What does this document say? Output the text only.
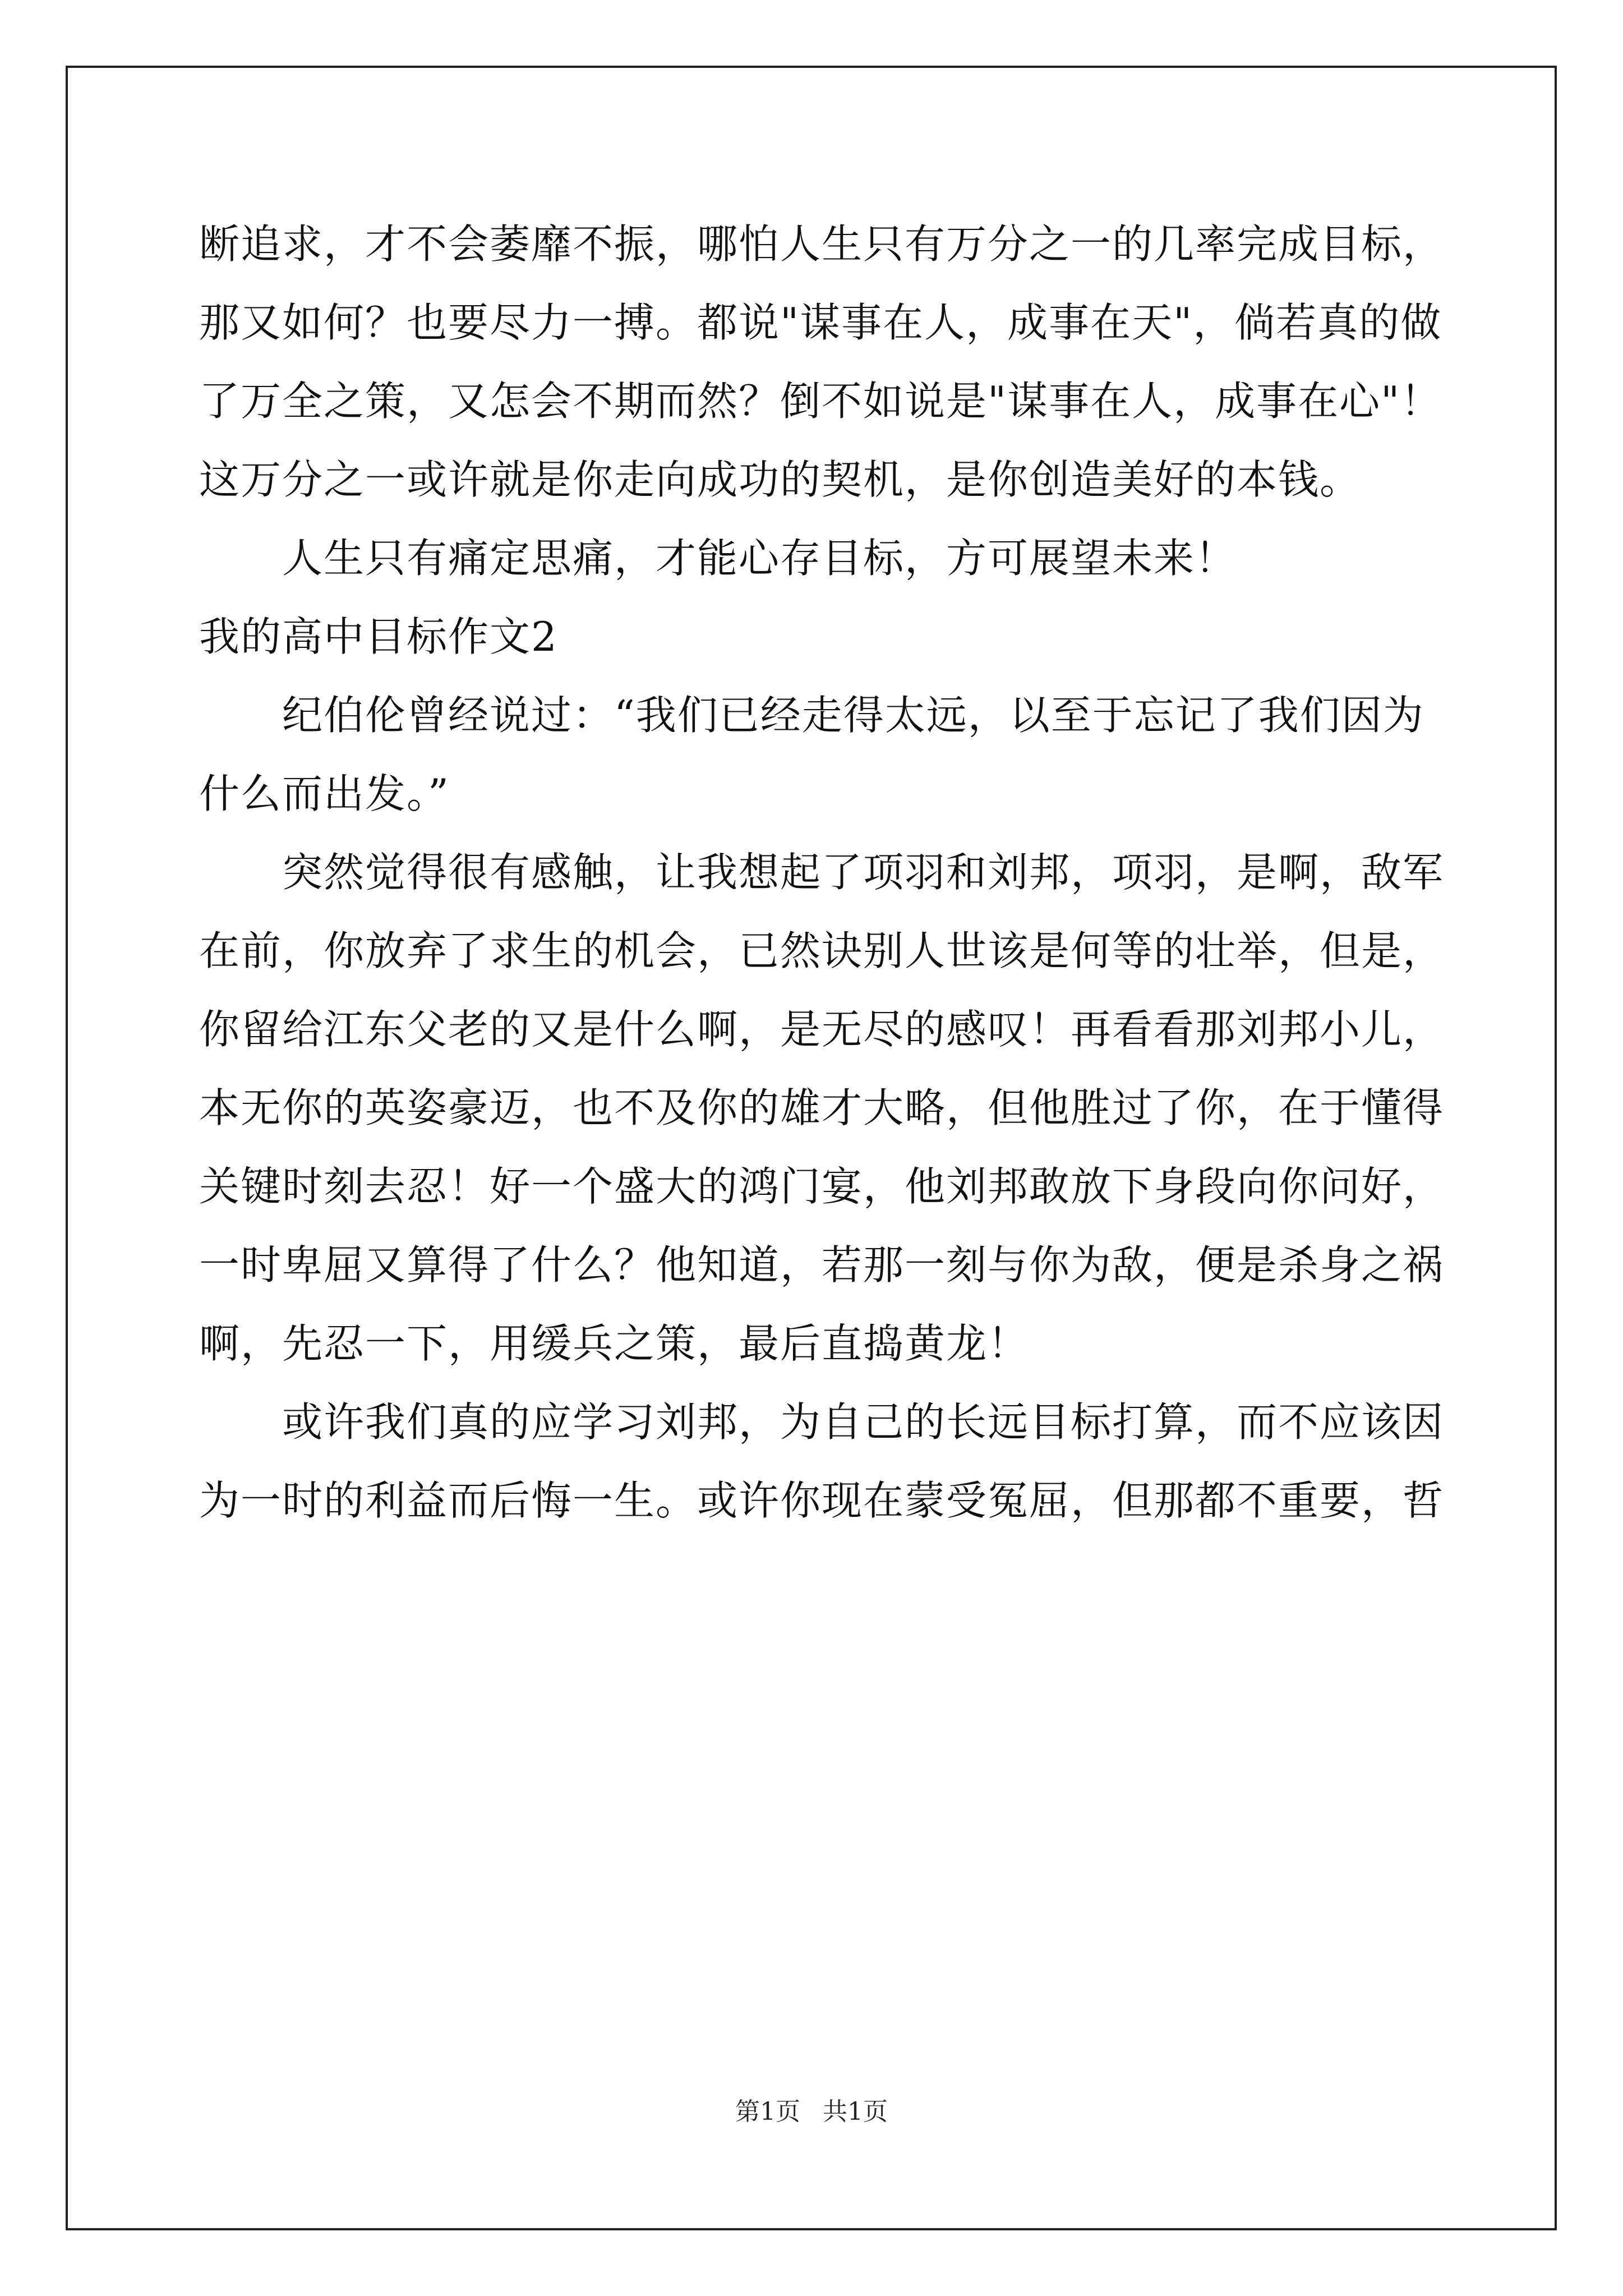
断追求，才不会萎靡不振，哪怕人生只有万分之一的几率完成目标，
那又如何？也要尽力一搏。都说"谋事在人，成事在天"，倘若真的做
了万全之策，又怎会不期而然？倒不如说是"谋事在人，成事在心"！
这万分之一或许就是你走向成功的契机，是你创造美好的本钱。
人生只有痛定思痛，才能心存目标，方可展望未来！
我的高中目标作文2
纪伯伦曾经说过：“我们已经走得太远，以至于忘记了我们因为
什么而出发。”
突然觉得很有感触，让我想起了项羽和刘邦，项羽，是啊，敌军
在前，你放弃了求生的机会，已然诀别人世该是何等的壮举，但是，
你留给江东父老的又是什么啊，是无尽的感叹！再看看那刘邦小儿，
本无你的英姿豪迈，也不及你的雄才大略，但他胜过了你，在于懂得
关键时刻去忍！好一个盛大的鸿门宴，他刘邦敢放下身段向你问好，
一时卑屈又算得了什么？他知道，若那一刻与你为敌，便是杀身之祸
啊，先忍一下，用缓兵之策，最后直捣黄龙！
或许我们真的应学习刘邦，为自己的长远目标打算，而不应该因
为一时的利益而后悔一生。或许你现在蒙受冤屈，但那都不重要，哲
第1页 共1页
